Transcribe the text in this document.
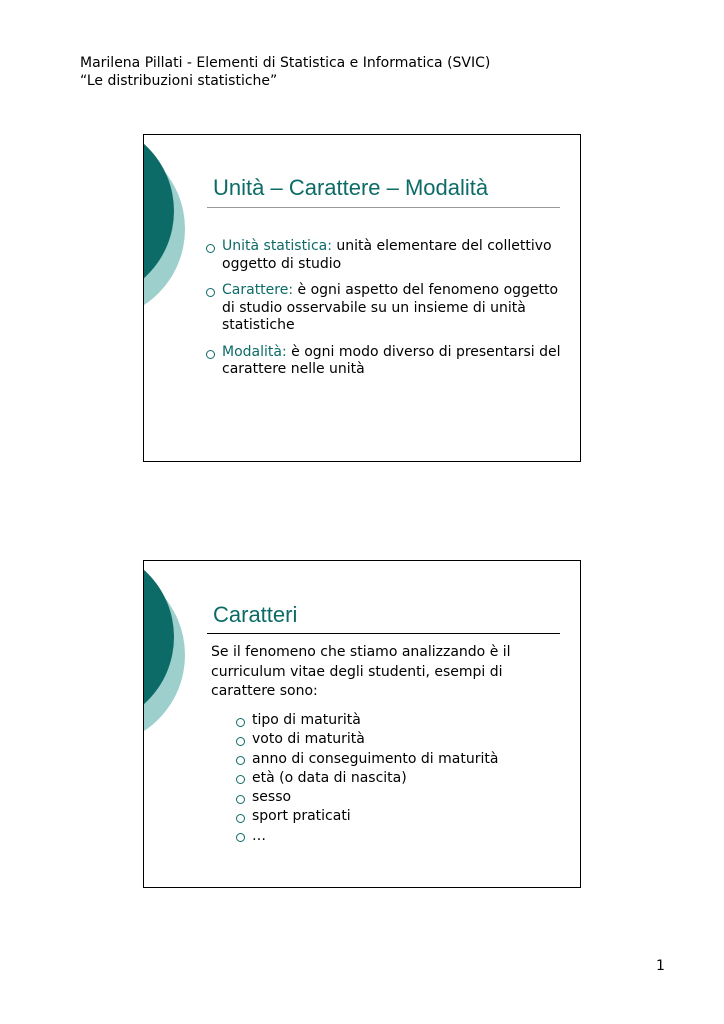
Marilena Pillati - Elementi di Statistica e Informatica (SVIC)
“Le distribuzioni statistiche”
Unità – Carattere – Modalità
Unità statistica: unità elementare del collettivo oggetto di studio
Carattere: è ogni aspetto del fenomeno oggetto di studio osservabile su un insieme di unità statistiche
Modalità: è ogni modo diverso di presentarsi del carattere nelle unità
Caratteri

Se il fenomeno che stiamo analizzando è il curriculum vitae degli studenti, esempi di carattere sono:

tipo di maturità
voto di maturità
anno di conseguimento di maturità
età (o data di nascita)
sesso
sport praticati
…
1
